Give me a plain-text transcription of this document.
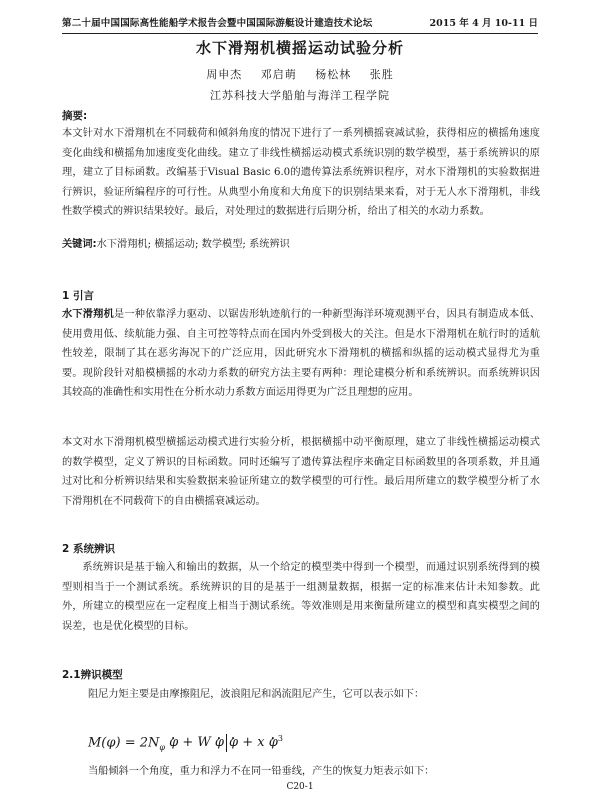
第二十届中国国际高性能船学术报告会暨中国国际游艇设计建造技术论坛	2015 年 4 月 10-11 日
水下滑翔机横摇运动试验分析
周申杰 邓启萌 杨松林 张胜
江苏科技大学船舶与海洋工程学院
摘要:
本文针对水下滑翔机在不同载荷和倾斜角度的情况下进行了一系列横摇衰减试验，获得相应的横摇角速度变化曲线和横摇角加速度变化曲线。建立了非线性横摇运动模式系统识别的数学模型，基于系统辨识的原理，建立了目标函数。改编基于Visual Basic 6.0的遗传算法系统辨识程序，对水下滑翔机的实验数据进行辨识，验证所编程序的可行性。从典型小角度和大角度下的识别结果来看，对于无人水下滑翔机，非线性数学模式的辨识结果较好。最后，对处理过的数据进行后期分析，给出了相关的水动力系数。
关键词:水下滑翔机; 横摇运动; 数学模型; 系统辨识
1 引言
水下滑翔机是一种依靠浮力驱动、以锯齿形轨迹航行的一种新型海洋环境观测平台，因具有制造成本低、使用费用低、续航能力强、自主可控等特点而在国内外受到极大的关注。但是水下滑翔机在航行时的适航性较差，限制了其在恶劣海况下的广泛应用，因此研究水下滑翔机的横摇和纵摇的运动模式显得尤为重要。现阶段针对船模横摇的水动力系数的研究方法主要有两种：理论建模分析和系统辨识。而系统辨识因其较高的准确性和实用性在分析水动力系数方面运用得更为广泛且理想的应用。
本文对水下滑翔机模型横摇运动模式进行实验分析，根据横摇中动平衡原理，建立了非线性横摇运动模式的数学模型，定义了辨识的目标函数。同时还编写了遗传算法程序来确定目标函数里的各项系数，并且通过对比和分析辨识结果和实验数据来验证所建立的数学模型的可行性。最后用所建立的数学模型分析了水下滑翔机在不同载荷下的自由横摇衰减运动。
2 系统辨识
系统辨识是基于输入和输出的数据，从一个给定的模型类中得到一个模型，而通过识别系统得到的模型则相当于一个测试系统。系统辨识的目的是基于一组测量数据，根据一定的标准来估计未知参数。此外，所建立的模型应在一定程度上相当于测试系统。等效准则是用来衡量所建立的模型和真实模型之间的误差，也是优化模型的目标。
2.1辨识模型
阻尼力矩主要是由摩擦阻尼，波浪阻尼和涡流阻尼产生，它可以表示如下：
$M(\varphi) = 2N_\varphi$ • φ + W • φ • φ + x • $\varphi^3$
当船倾斜一个角度，重力和浮力不在同一铅垂线，产生的恢复力矩表示如下：
C20-1
